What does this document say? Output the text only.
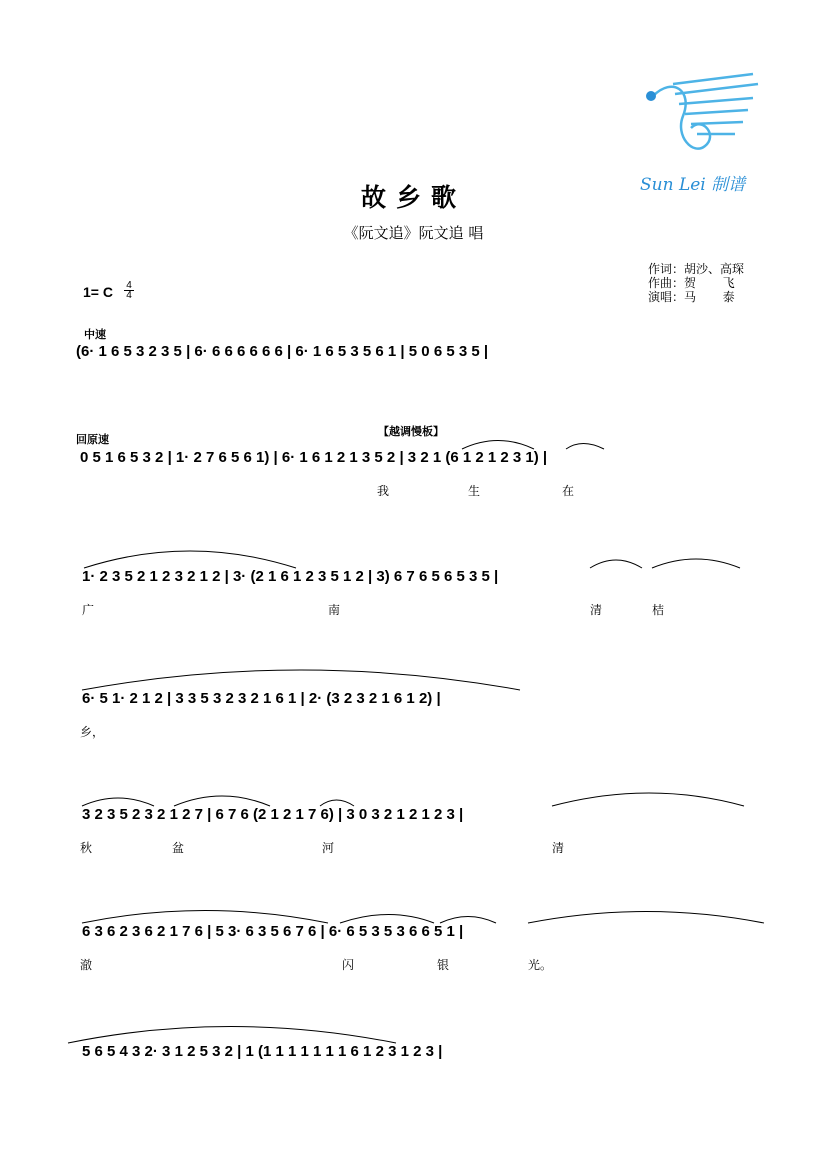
故乡歌
《阮文追》阮文追 唱
作词：胡沙、高琛
作曲：贺        飞
演唱：马        泰
1= C 4
4
Sun Lei 制谱
中速
回原速
【越调慢板】
(6· 1 6 5 3 2 3 5 | 6· 6 6 6 6 6 6 | 6· 1 6 5 3 5 6 1 | 5 0 6 5 3 5 |
0 5 1 6 5 3 2 | 1· 2 7 6 5 6 1) | 6· 1 6 1 2 1 3 5 2 | 3 2 1 (6 1 2 1 2 3 1) |
我	生	在
1· 2 3 5 2 1 2 3 2 1 2 | 3· (2 1 6 1 2 3 5 1 2 | 3) 6 7 6 5 6 5 3 5 |
广	南	清	桔
6· 5 1· 2 1 2 | 3 3 5 3 2 3 2 1 6 1 | 2· (3 2 3 2 1 6 1 2) |
乡，
3 2 3 5 2 3 2 1 2 7 | 6 7 6 (2 1 2 1 7 6) | 3 0 3 2 1 2 1 2 3 |
秋	盆	河	清
6 3 6 2 3 6 2 1 7 6 | 5 3· 6 3 5 6 7 6 | 6· 6 5 3 5 3 6 6 5 1 |
澈	闪	银	光。
5 6 5 4 3 2· 3 1 2 5 3 2 | 1 (1 1 1 1 1 1 1 6 1 2 3 1 2 3 |
